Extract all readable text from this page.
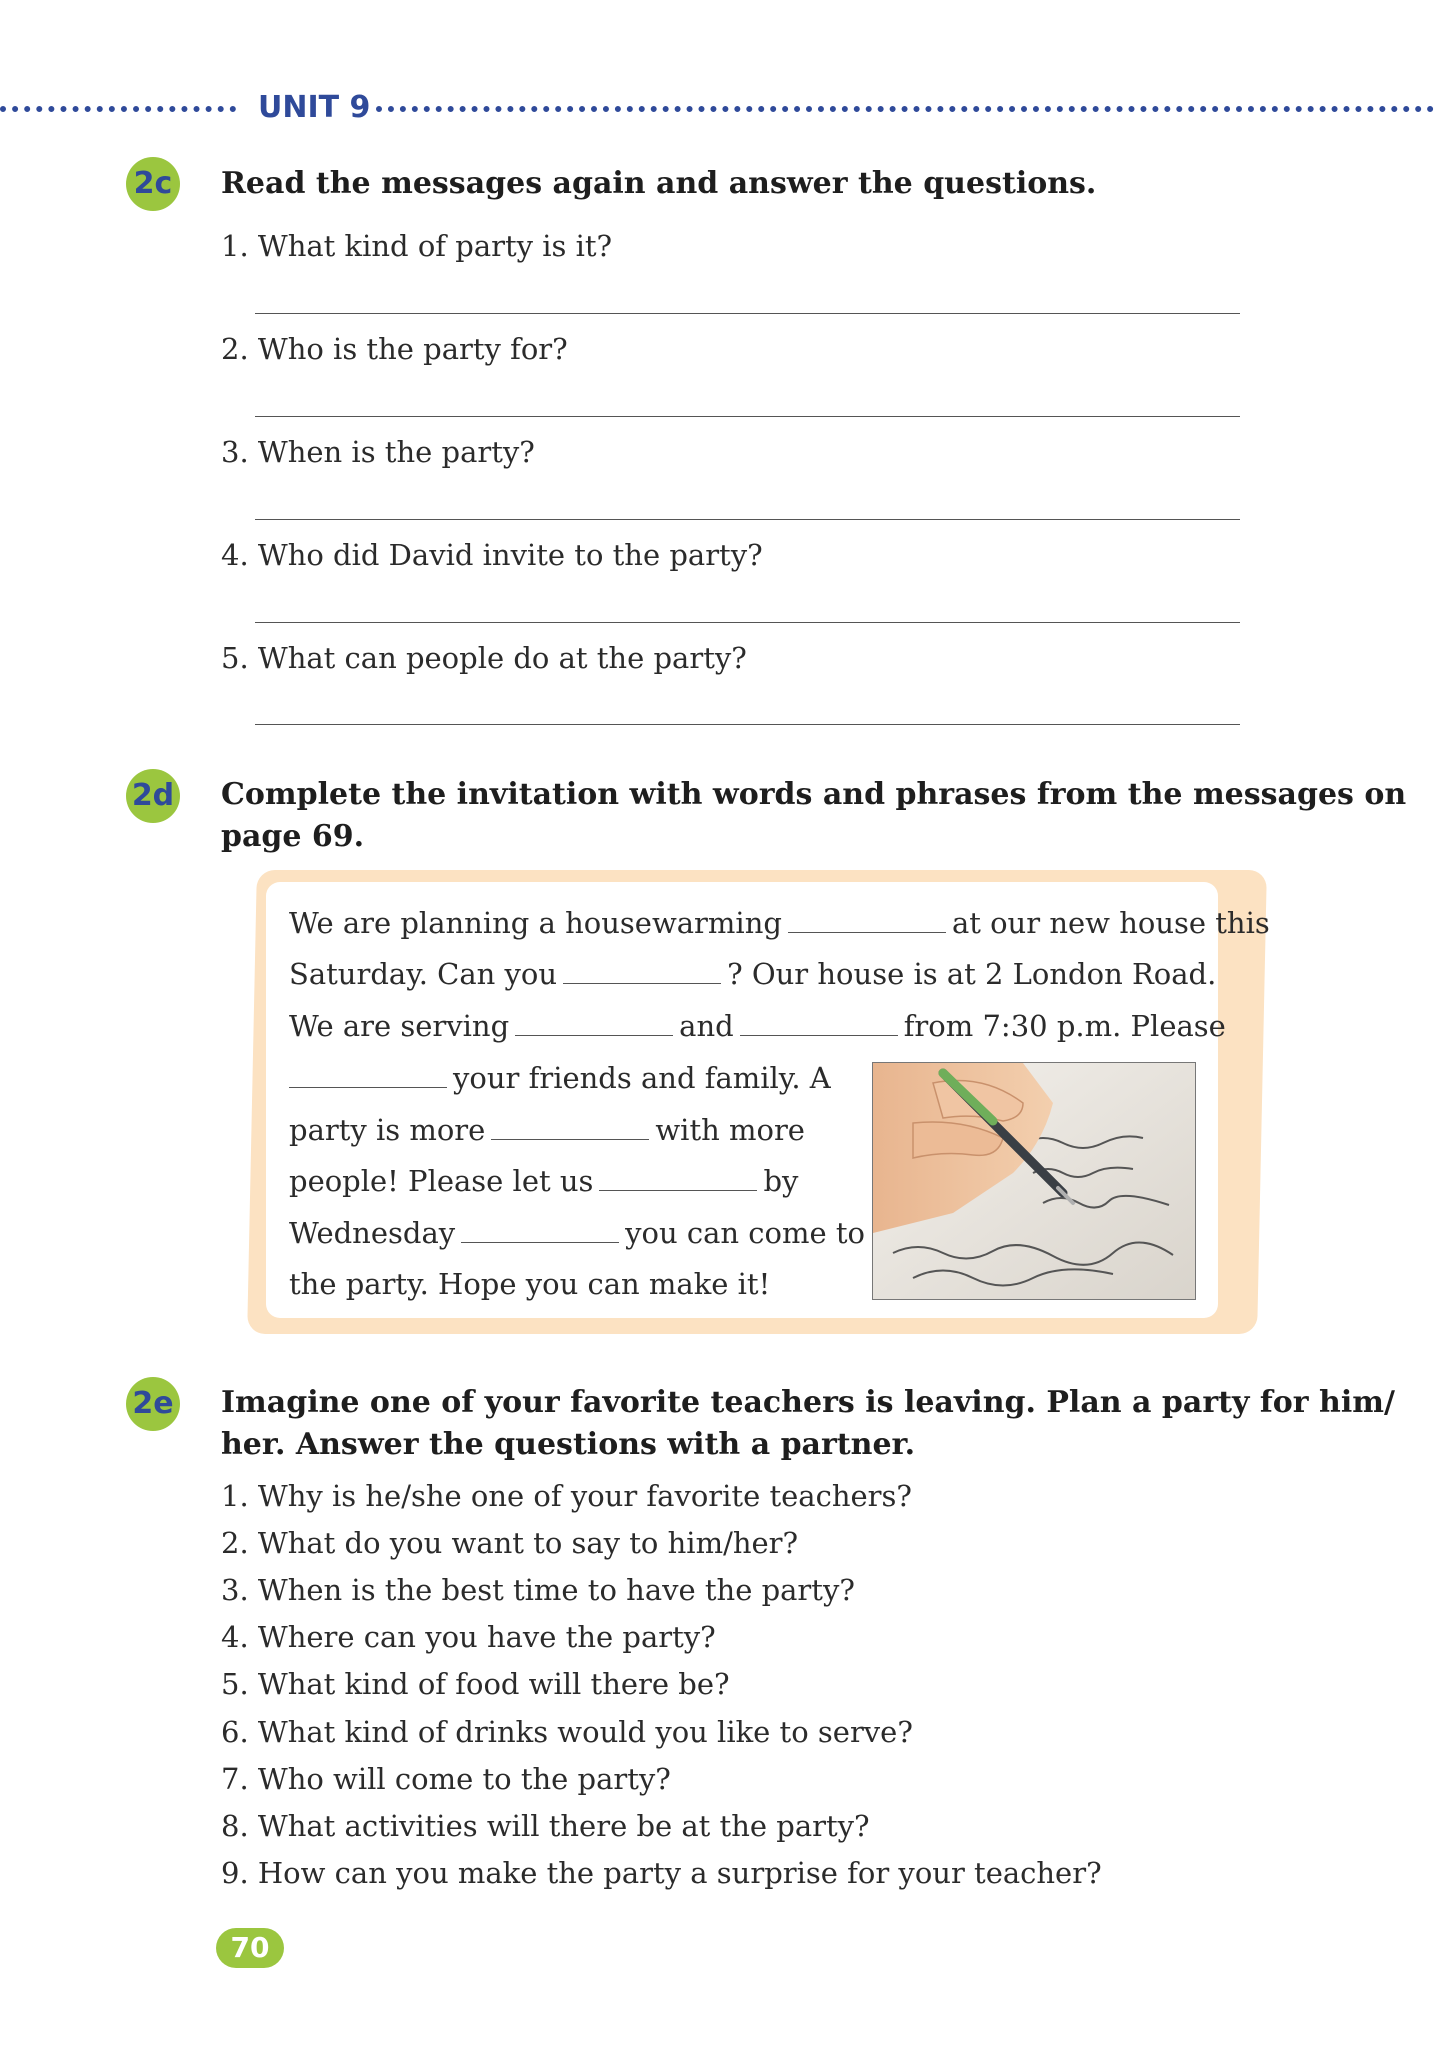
UNIT 9
2c Read the messages again and answer the questions.
1. What kind of party is it?
2. Who is the party for?
3. When is the party?
4. Who did David invite to the party?
5. What can people do at the party?
2d Complete the invitation with words and phrases from the messages on
page 69.
We are planning a housewarming	at our new house this
Saturday. Can you	? Our house is at 2 London Road.
We are serving	and	from 7:30 p.m. Please
your friends and family. A
party is more	with more
people! Please let us	by
Wednesday	you can come to
the party. Hope you can make it!
2e Imagine one of your favorite teachers is leaving. Plan a party for him/
her. Answer the questions with a partner.
1. Why is he/she one of your favorite teachers?
2. What do you want to say to him/her?
3. When is the best time to have the party?
4. Where can you have the party?
5. What kind of food will there be?
6. What kind of drinks would you like to serve?
7. Who will come to the party?
8. What activities will there be at the party?
9. How can you make the party a surprise for your teacher?
70
